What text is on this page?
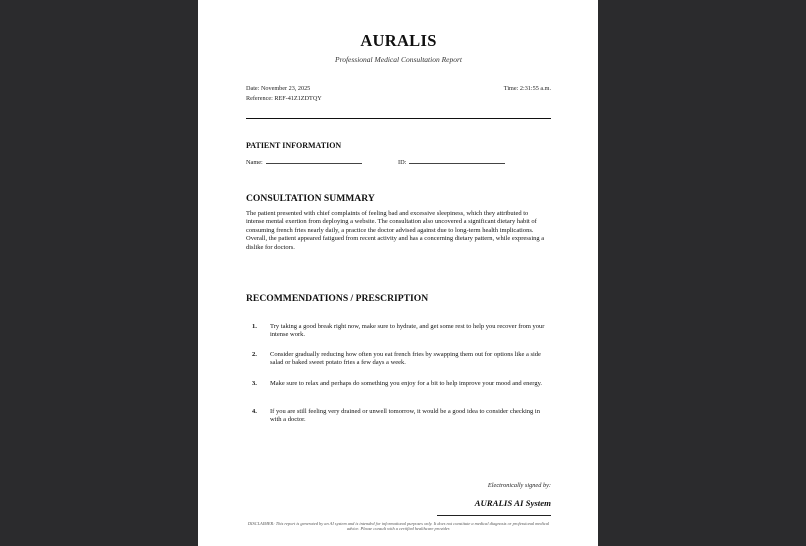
AURALIS
Professional Medical Consultation Report
Date: November 23, 2025	Time: 2:31:55 a.m.
Reference: REF-41Z1ZDTQY
PATIENT INFORMATION
Name:	ID:
CONSULTATION SUMMARY
The patient presented with chief complaints of feeling bad and excessive sleepiness, which they attributed to intense mental exertion from deploying a website. The consultation also uncovered a significant dietary habit of consuming french fries nearly daily, a practice the doctor advised against due to long-term health implications. Overall, the patient appeared fatigued from recent activity and has a concerning dietary pattern, while expressing a dislike for doctors.
RECOMMENDATIONS / PRESCRIPTION
1. Try taking a good break right now, make sure to hydrate, and get some rest to help you recover from your intense work.
2. Consider gradually reducing how often you eat french fries by swapping them out for options like a side salad or baked sweet potato fries a few days a week.
3. Make sure to relax and perhaps do something you enjoy for a bit to help improve your mood and energy.
4. If you are still feeling very drained or unwell tomorrow, it would be a good idea to consider checking in with a doctor.
Electronically signed by:
AURALIS AI System
DISCLAIMER: This report is generated by an AI system and is intended for informational purposes only. It does not constitute a medical diagnosis or professional medical advice. Please consult with a certified healthcare provider.
